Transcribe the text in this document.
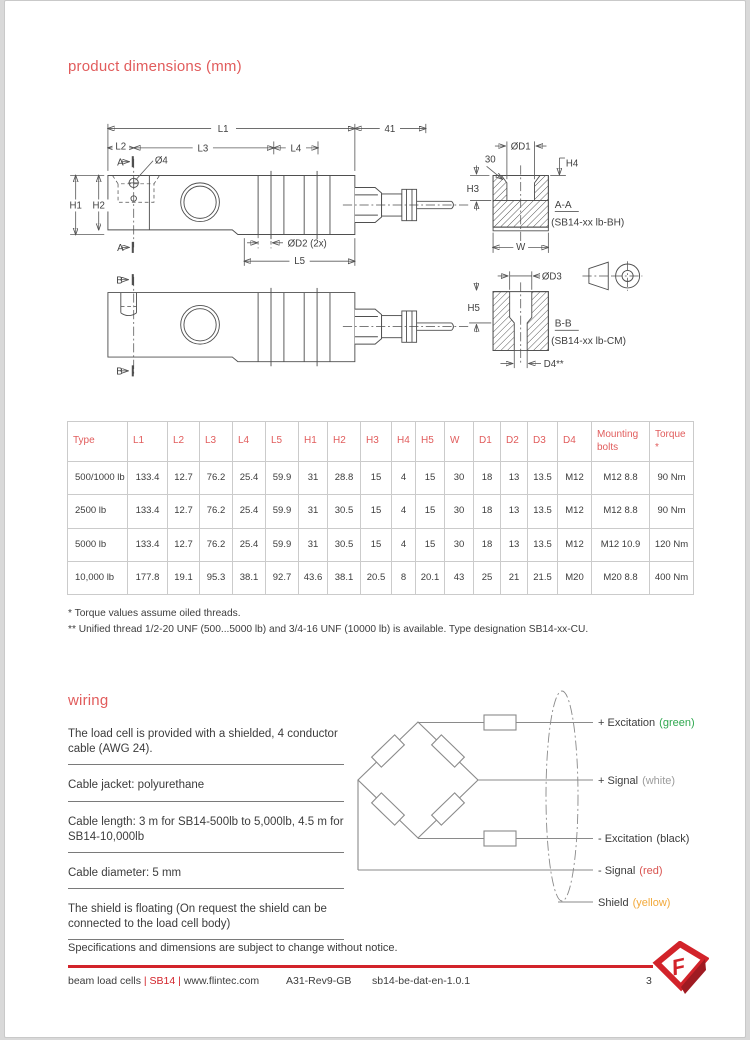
product dimensions (mm)
L1	41
L2	L3	L4
A
A
Ø4
H1 H2
ØD2 (2x)
L5
ØD1
30	H4
H3
A-A
(SB14-xx lb-BH)
W
B
B
ØD3
H5
B-B
(SB14-xx lb-CM)
D4**
Type	L1	L2	L3	L4	L5	H1	H2	H3	H4	H5	W	D1	D2	D3	D4	Mounting bolts	Torque *
500/1000 lb	133.4	12.7	76.2	25.4	59.9	31	28.8	15	4	15	30	18	13	13.5	M12	M12 8.8	90 Nm
2500 lb	133.4	12.7	76.2	25.4	59.9	31	30.5	15	4	15	30	18	13	13.5	M12	M12 8.8	90 Nm
5000 lb	133.4	12.7	76.2	25.4	59.9	31	30.5	15	4	15	30	18	13	13.5	M12	M12 10.9	120 Nm
10,000 lb	177.8	19.1	95.3	38.1	92.7	43.6	38.1	20.5	8	20.1	43	25	21	21.5	M20	M20 8.8	400 Nm
* Torque values assume oiled threads.
** Unified thread 1/2-20 UNF (500...5000 lb) and 3/4-16 UNF (10000 lb) is available. Type designation SB14-xx-CU.
wiring
The load cell is provided with a shielded, 4 conductor cable (AWG 24).
Cable jacket: polyurethane
Cable length: 3 m for SB14-500lb to 5,000lb, 4.5 m for SB14-10,000lb
Cable diameter: 5 mm
The shield is floating (On request the shield can be connected to the load cell body)
+ Excitation (green)
+ Signal (white)
- Excitation (black)
- Signal (red)
Shield (yellow)
Specifications and dimensions are subject to change without notice.
beam load cells | SB14 | www.flintec.com	A31-Rev9-GB sb14-be-dat-en-1.0.1	3
F
